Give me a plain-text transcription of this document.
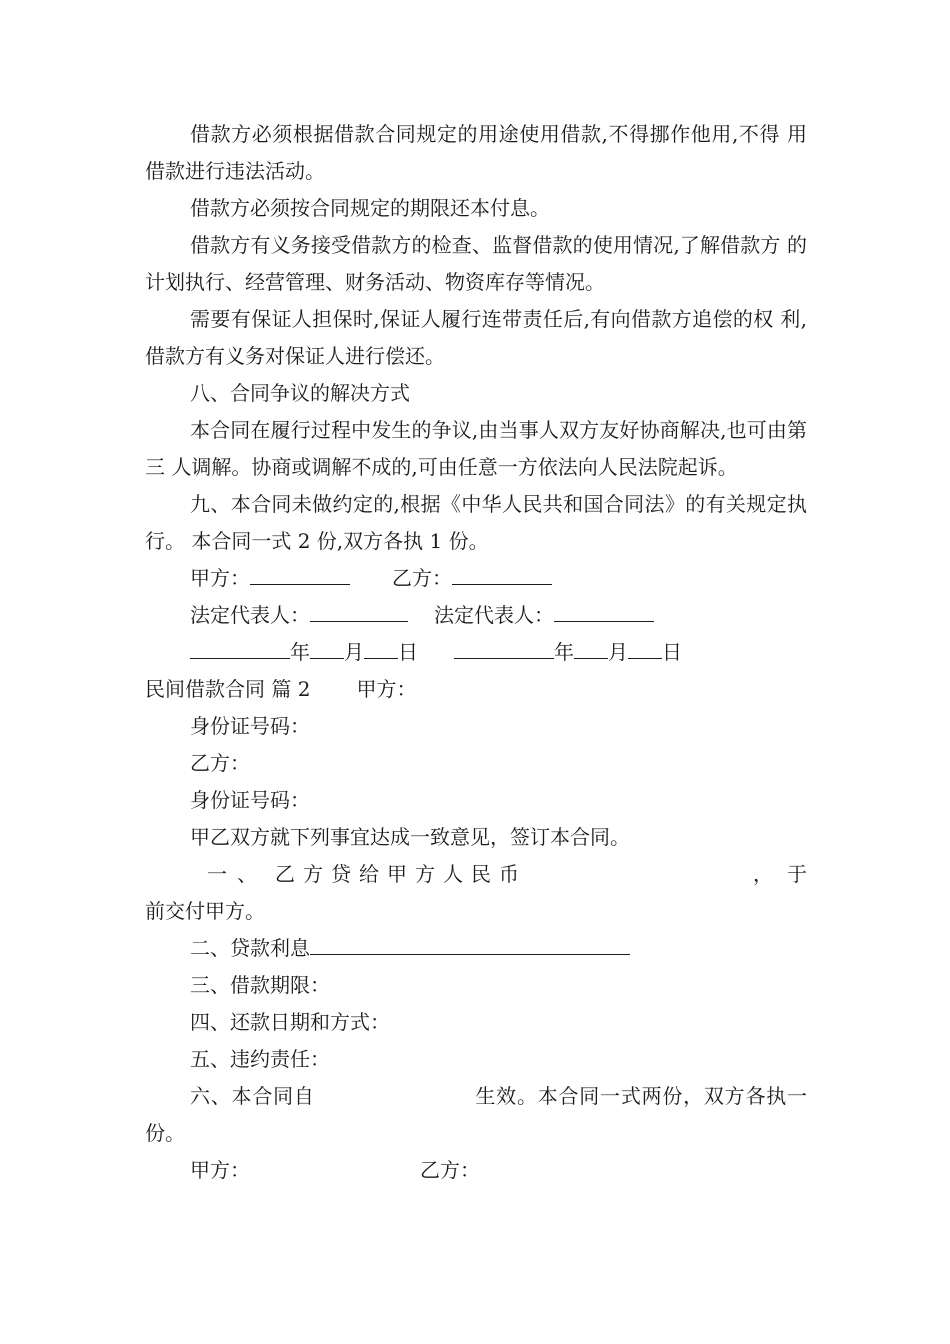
借款方必须根据借款合同规定的用途使用借款,不得挪作他用,不得 用借款进行违法活动。

借款方必须按合同规定的期限还本付息。

借款方有义务接受借款方的检查、监督借款的使用情况,了解借款方 的计划执行、经营管理、财务活动、物资库存等情况。

需要有保证人担保时,保证人履行连带责任后,有向借款方追偿的权 利,借款方有义务对保证人进行偿还。

八、合同争议的解决方式

本合同在履行过程中发生的争议,由当事人双方友好协商解决,也可由第三 人调解。协商或调解不成的,可由任意一方依法向人民法院起诉。

九、本合同未做约定的,根据《中华人民共和国合同法》的有关规定执行。 本合同一式 2 份,双方各执 1 份。

甲方：	乙方：
法定代表人：	法定代表人：
年 月 日	年 月 日
民间借款合同 篇 2 甲方：

身份证号码：

乙方：

身份证号码：

甲乙双方就下列事宜达成一致意见，签订本合同。

一 、 乙 方 贷 给 甲 方 人 民 币	， 于

前交付甲方。

二、贷款利息

三、借款期限：

四、还款日期和方式：

五、违约责任：

六、本合同自	生效。本合同一式两份，双方各执一份。

甲方：	乙方：
